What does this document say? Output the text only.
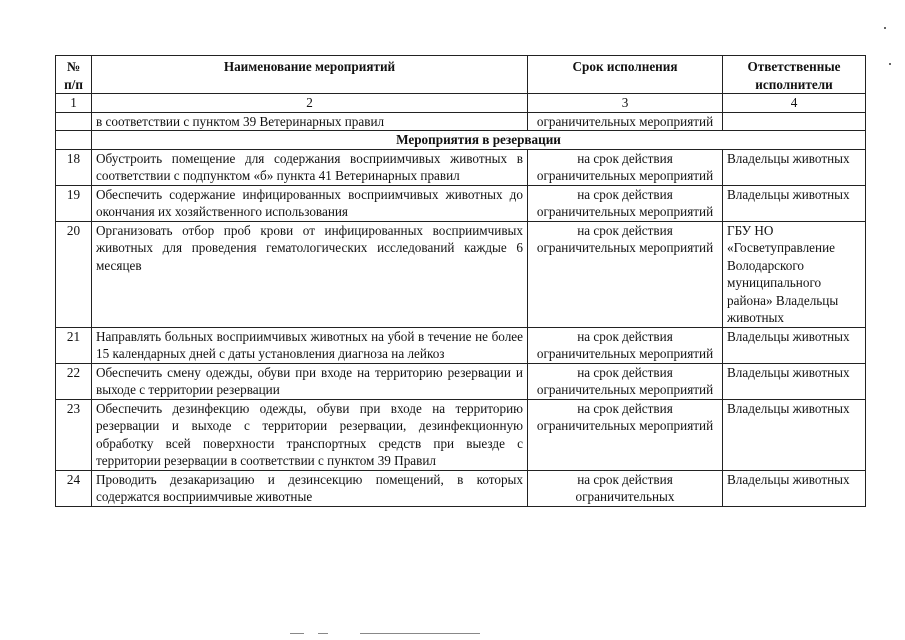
№ п/п	Наименование мероприятий	Срок исполнения	Ответственные исполнители
1	2	3	4
	в соответствии с пунктом 39 Ветеринарных правил	ограничительных мероприятий	
	Мероприятия в резервации		
18	Обустроить помещение для содержания восприимчивых животных в соответствии с подпунктом «б» пункта 41 Ветеринарных правил	на срок действия ограничительных мероприятий	Владельцы животных
19	Обеспечить содержание инфицированных восприимчивых животных до окончания их хозяйственного использования	на срок действия ограничительных мероприятий	Владельцы животных
20	Организовать отбор проб крови от инфицированных восприимчивых животных для проведения гематологических исследований каждые 6 месяцев	на срок действия ограничительных мероприятий	ГБУ НО «Госветуправление Володарского муниципального района» Владельцы животных
21	Направлять больных восприимчивых животных на убой в течение не более 15 календарных дней с даты установления диагноза на лейкоз	на срок действия ограничительных мероприятий	Владельцы животных
22	Обеспечить смену одежды, обуви при входе на территорию резервации и выходе с территории резервации	на срок действия ограничительных мероприятий	Владельцы животных
23	Обеспечить дезинфекцию одежды, обуви при входе на территорию резервации и выходе с территории резервации, дезинфекционную обработку всей поверхности транспортных средств при выезде с территории резервации в соответствии с пунктом 39 Правил	на срок действия ограничительных мероприятий	Владельцы животных
24	Проводить дезакаризацию и дезинсекцию помещений, в которых содержатся восприимчивые животные	на срок действия ограничительных	Владельцы животных
